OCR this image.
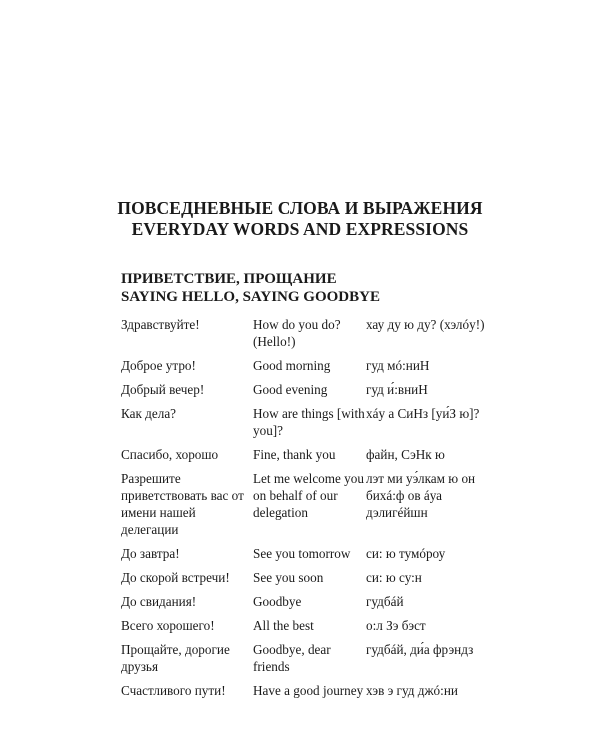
ПОВСЕДНЕВНЫЕ СЛОВА И ВЫРАЖЕНИЯ
EVERYDAY WORDS AND EXPRESSIONS
ПРИВЕТСТВИЕ, ПРОЩАНИЕ
SAYING HELLO, SAYING GOODBYE
Здравствуйте!	How do you do? (Hello!)	хау ду ю ду? (хэлóу!)
Доброе утро!	Good morning	гуд мó:ниН
Добрый вечер!	Good evening	гуд и́:вниН
Как дела?	How are things [with you]?	хáу а СиНз [уи́З ю]?
Спасибо, хорошо	Fine, thank you	файн, СэНк ю
Разрешите приветствовать вас от имени нашей делегации	Let me welcome you on behalf of our delegation	лэт ми уэ́лкам ю он бихá:ф ов áуа дэлигéйшн
До завтра!	See you tomorrow	си: ю тумóроу
До скорой встречи!	See you soon	си: ю су:н
До свидания!	Goodbye	гудбáй
Всего хорошего!	All the best	о:л Зэ бэст
Прощайте, дорогие друзья	Goodbye, dear friends	гудбáй, ди́а фрэндз
Счастливого пути!	Have a good journey	хэв э гуд джó:ни
